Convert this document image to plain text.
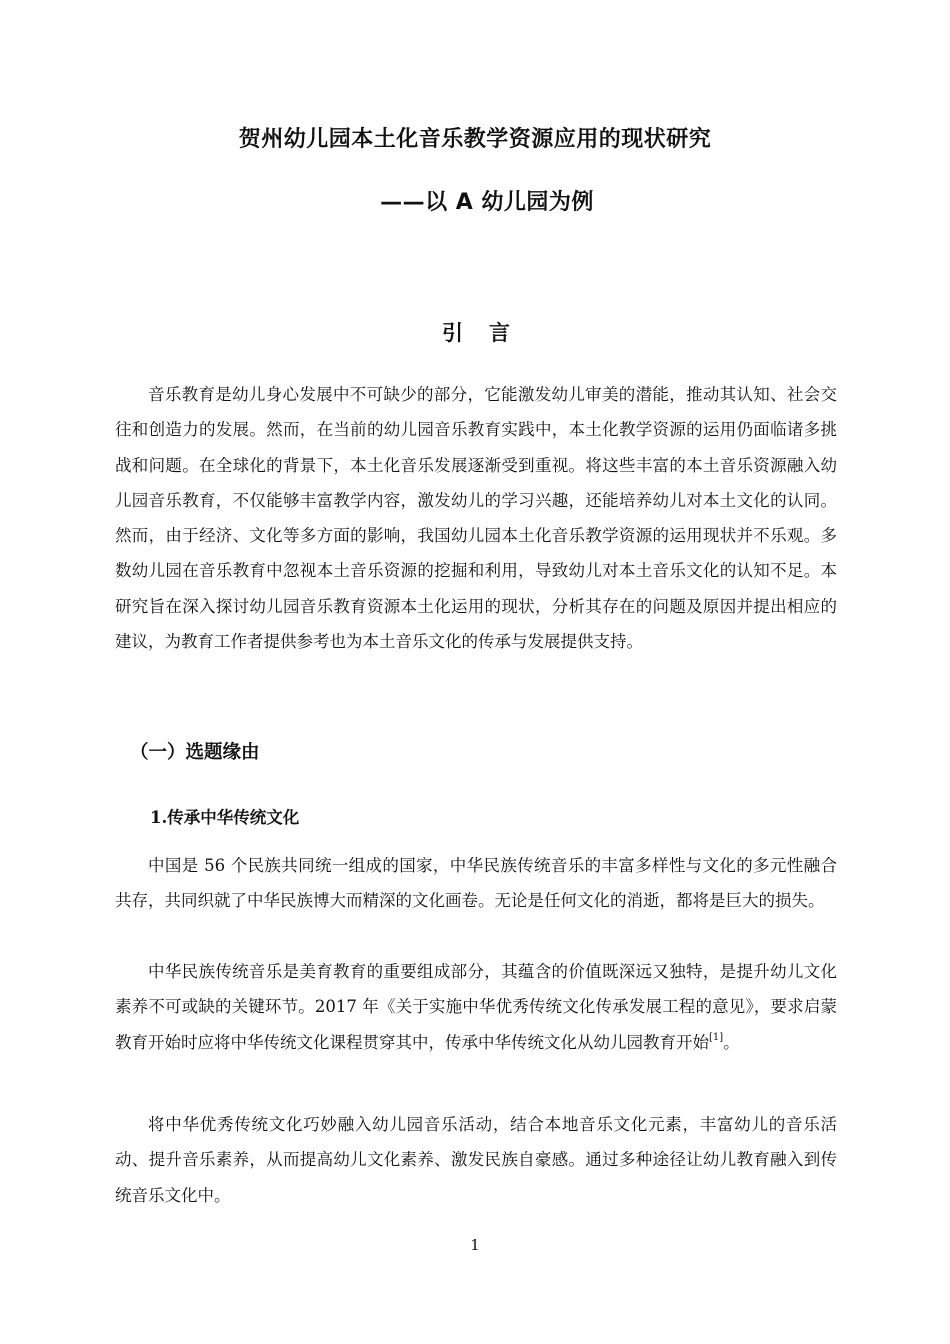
贺州幼儿园本土化音乐教学资源应用的现状研究
——以 A 幼儿园为例
引言

音乐教育是幼儿身心发展中不可缺少的部分，它能激发幼儿审美的潜能，推动其认知、社会交往和创造力的发展。然而，在当前的幼儿园音乐教育实践中，本土化教学资源的运用仍面临诸多挑战和问题。在全球化的背景下，本土化音乐发展逐渐受到重视。将这些丰富的本土音乐资源融入幼儿园音乐教育，不仅能够丰富教学内容，激发幼儿的学习兴趣，还能培养幼儿对本土文化的认同。然而，由于经济、文化等多方面的影响，我国幼儿园本土化音乐教学资源的运用现状并不乐观。多数幼儿园在音乐教育中忽视本土音乐资源的挖掘和利用，导致幼儿对本土音乐文化的认知不足。本研究旨在深入探讨幼儿园音乐教育资源本土化运用的现状，分析其存在的问题及原因并提出相应的建议，为教育工作者提供参考也为本土音乐文化的传承与发展提供支持。

（一）选题缘由
1.传承中华传统文化

中国是 56 个民族共同统一组成的国家，中华民族传统音乐的丰富多样性与文化的多元性融合共存，共同织就了中华民族博大而精深的文化画卷。无论是任何文化的消逝，都将是巨大的损失。

中华民族传统音乐是美育教育的重要组成部分，其蕴含的价值既深远又独特，是提升幼儿文化素养不可或缺的关键环节。2017 年《关于实施中华优秀传统文化传承发展工程的意见》，要求启蒙教育开始时应将中华传统文化课程贯穿其中，传承中华传统文化从幼儿园教育开始[1]。

将中华优秀传统文化巧妙融入幼儿园音乐活动，结合本地音乐文化元素，丰富幼儿的音乐活动、提升音乐素养，从而提高幼儿文化素养、激发民族自豪感。通过多种途径让幼儿教育融入到传统音乐文化中。

1
